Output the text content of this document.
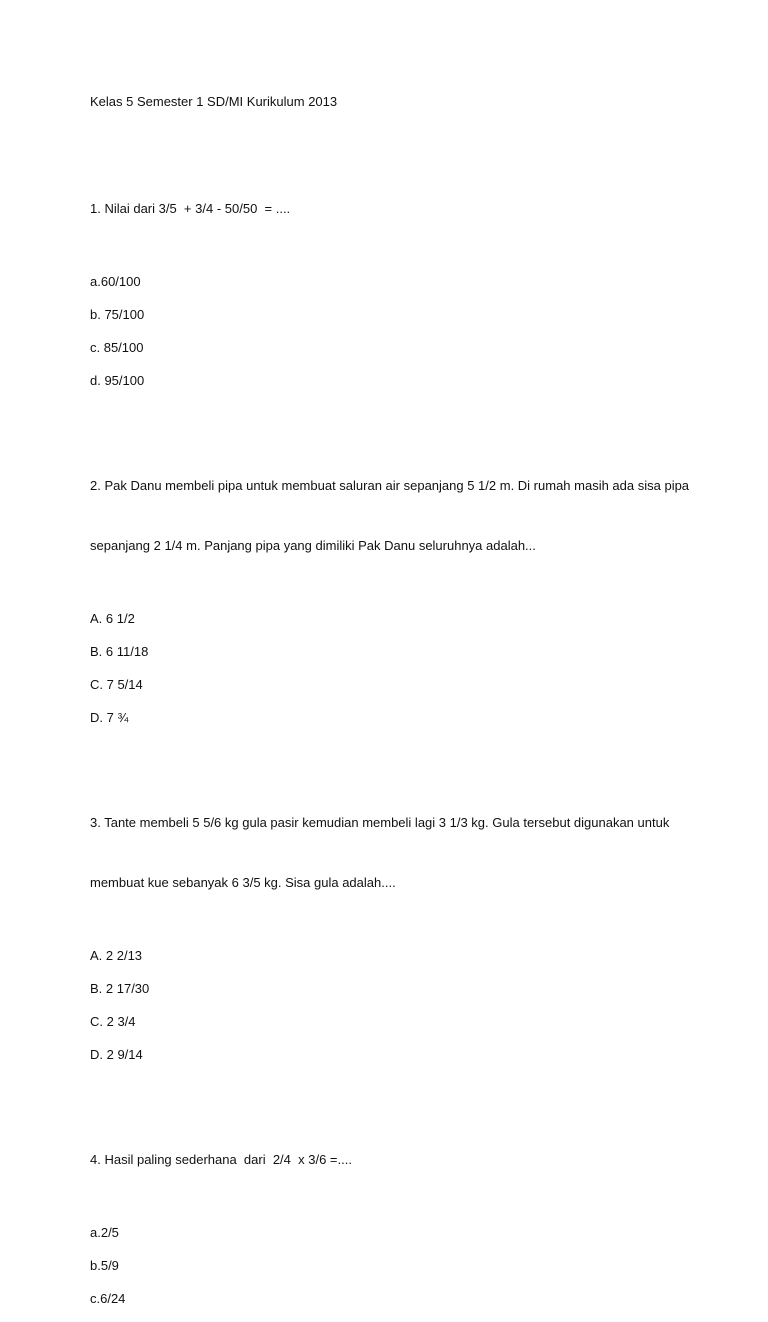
Kelas 5 Semester 1 SD/MI Kurikulum 2013

1. Nilai dari 3/5  + 3/4 - 50/50  = ....

a.60/100

b. 75/100

c. 85/100

d. 95/100

2. Pak Danu membeli pipa untuk membuat saluran air sepanjang 5 1/2 m. Di rumah masih ada sisa pipa

sepanjang 2 1/4 m. Panjang pipa yang dimiliki Pak Danu seluruhnya adalah...

A. 6 1/2

B. 6 11/18

C. 7 5/14

D. 7 ¾

3. Tante membeli 5 5/6 kg gula pasir kemudian membeli lagi 3 1/3 kg. Gula tersebut digunakan untuk

membuat kue sebanyak 6 3/5 kg. Sisa gula adalah....

A. 2 2/13

B. 2 17/30

C. 2 3/4

D. 2 9/14

4. Hasil paling sederhana  dari  2/4  x 3/6 =....

a.2/5

b.5/9

c.6/24
